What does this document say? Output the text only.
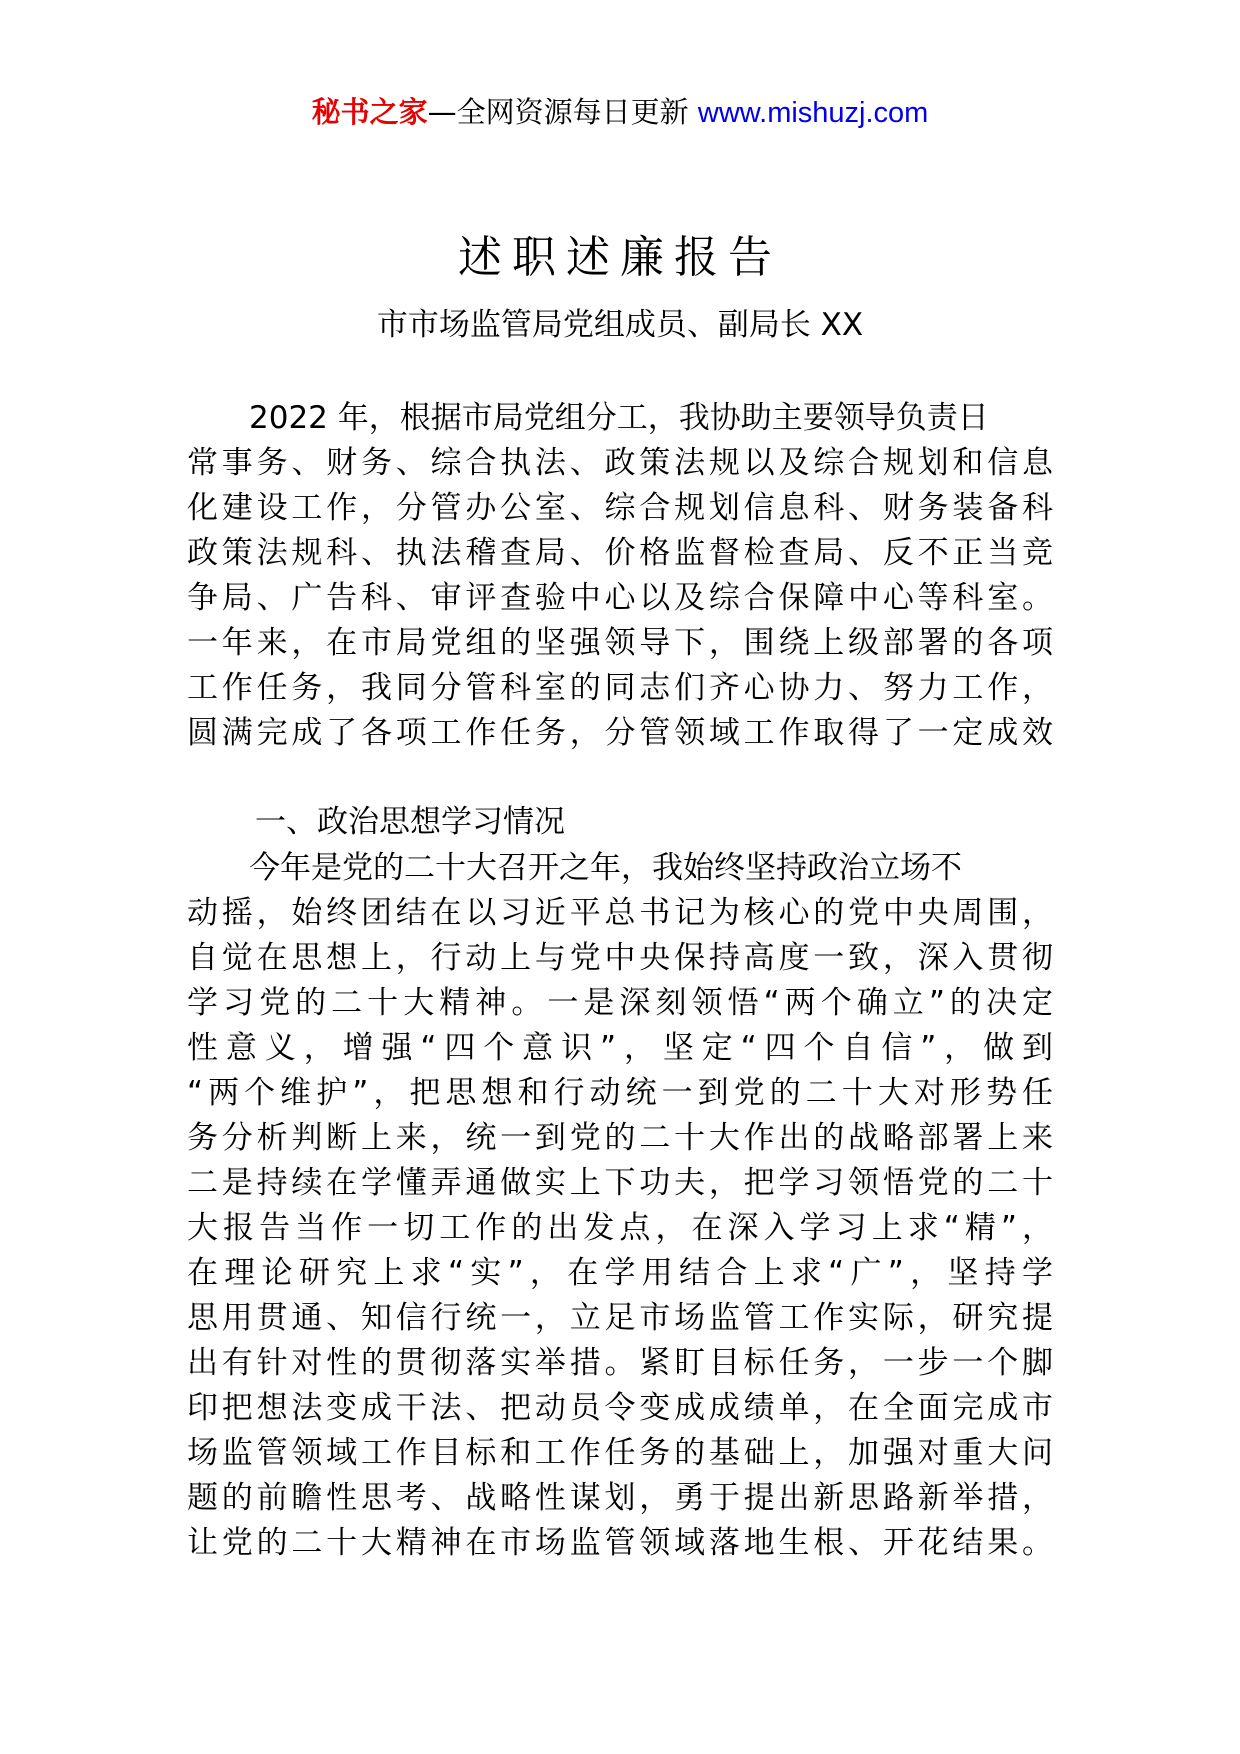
秘书之家—全网资源每日更新 www.mishuzj.com
述职述廉报告
市市场监管局党组成员、副局长 XX
2022 年，根据市局党组分工，我协助主要领导负责日
常事务、财务、综合执法、政策法规以及综合规划和信息
化建设工作，分管办公室、综合规划信息科、财务装备科
政策法规科、执法稽查局、价格监督检查局、反不正当竞
争局、广告科、审评查验中心以及综合保障中心等科室。
一年来，在市局党组的坚强领导下，围绕上级部署的各项
工作任务，我同分管科室的同志们齐心协力、努力工作，
圆满完成了各项工作任务，分管领域工作取得了一定成效
一、政治思想学习情况
今年是党的二十大召开之年，我始终坚持政治立场不
动摇，始终团结在以习近平总书记为核心的党中央周围，
自觉在思想上，行动上与党中央保持高度一致，深入贯彻
学习党的二十大精神。一是深刻领悟“两个确立”的决定
性意义，增强“四个意识”，坚定“四个自信”，做到
“两个维护”，把思想和行动统一到党的二十大对形势任
务分析判断上来，统一到党的二十大作出的战略部署上来
二是持续在学懂弄通做实上下功夫，把学习领悟党的二十
大报告当作一切工作的出发点，在深入学习上求“精”，
在理论研究上求“实”，在学用结合上求“广”，坚持学
思用贯通、知信行统一，立足市场监管工作实际，研究提
出有针对性的贯彻落实举措。紧盯目标任务，一步一个脚
印把想法变成干法、把动员令变成成绩单，在全面完成市
场监管领域工作目标和工作任务的基础上，加强对重大问
题的前瞻性思考、战略性谋划，勇于提出新思路新举措，
让党的二十大精神在市场监管领域落地生根、开花结果。
